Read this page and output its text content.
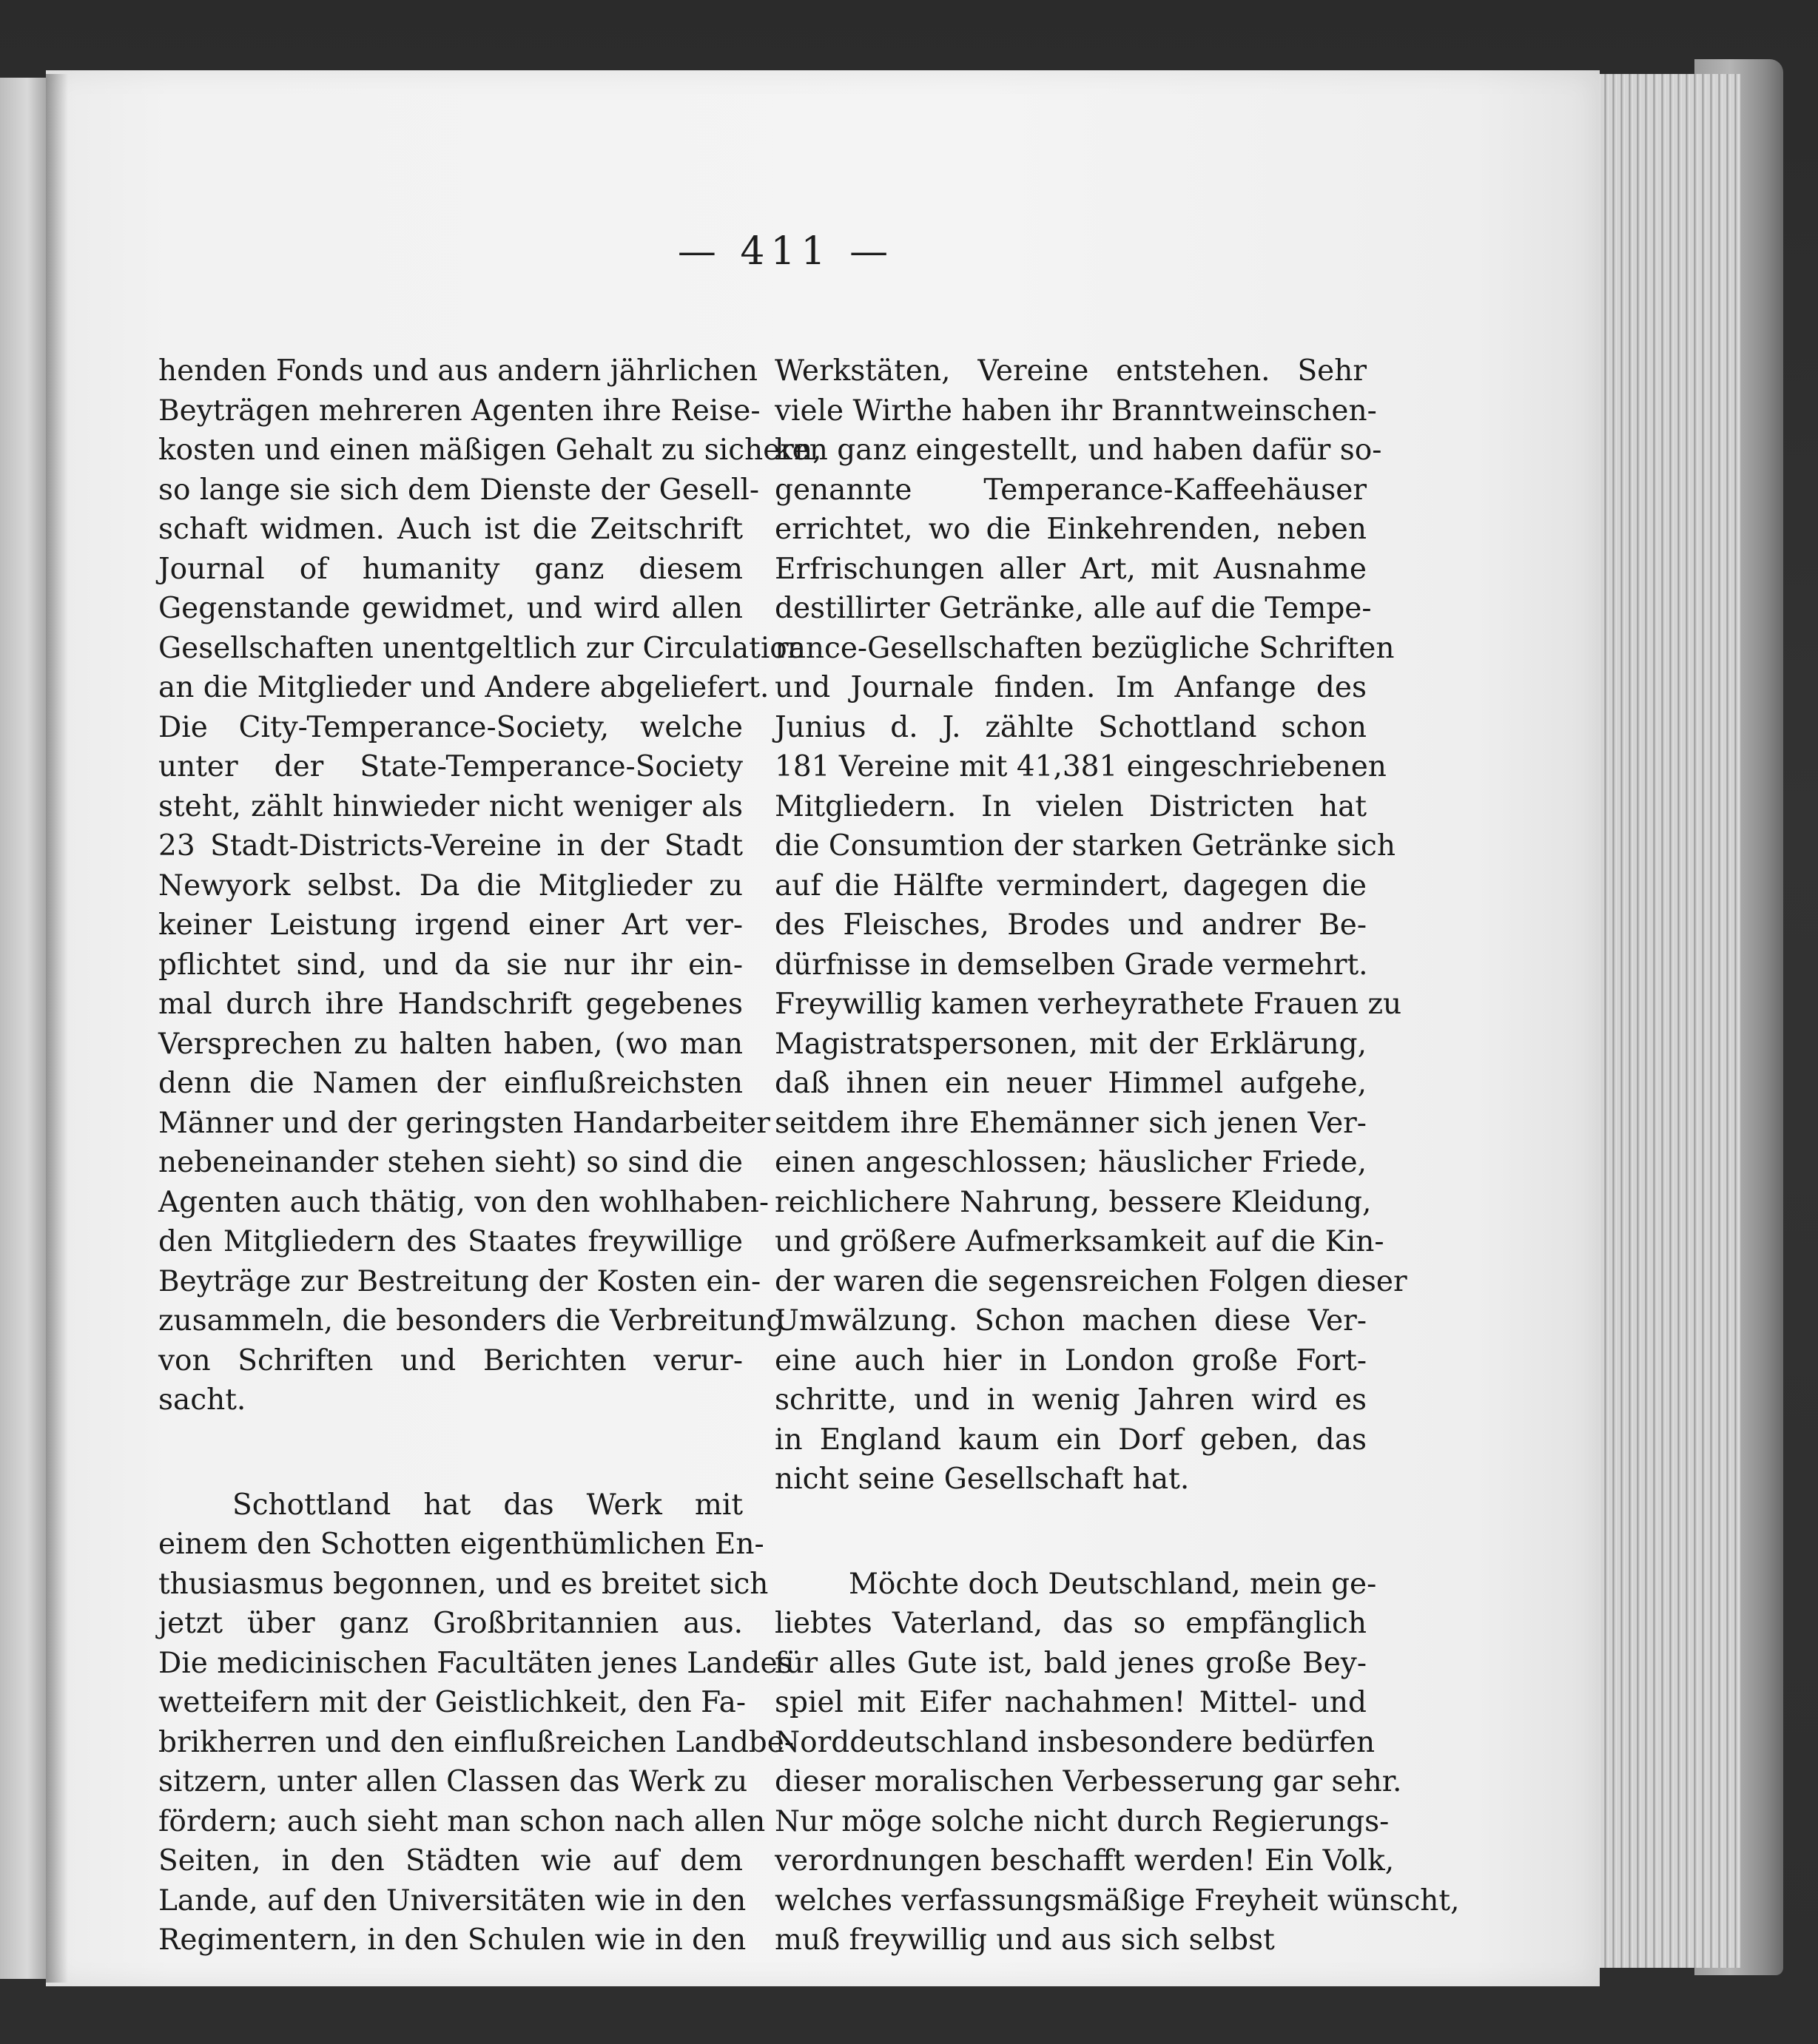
— 411 —
henden Fonds und aus andern jährlichen
Beyträgen mehreren Agenten ihre Reise-
kosten und einen mäßigen Gehalt zu sichern,
so lange sie sich dem Dienste der Gesell-
schaft widmen. Auch ist die Zeitschrift
Journal of humanity ganz diesem
Gegenstande gewidmet, und wird allen
Gesellschaften unentgeltlich zur Circulation
an die Mitglieder und Andere abgeliefert.
Die City-Temperance-Society, welche
unter der State-Temperance-Society
steht, zählt hinwieder nicht weniger als
23 Stadt-Districts-Vereine in der Stadt
Newyork selbst. Da die Mitglieder zu
keiner Leistung irgend einer Art ver-
pflichtet sind, und da sie nur ihr ein-
mal durch ihre Handschrift gegebenes
Versprechen zu halten haben, (wo man
denn die Namen der einflußreichsten
Männer und der geringsten Handarbeiter
nebeneinander stehen sieht) so sind die
Agenten auch thätig, von den wohlhaben-
den Mitgliedern des Staates freywillige
Beyträge zur Bestreitung der Kosten ein-
zusammeln, die besonders die Verbreitung
von Schriften und Berichten verur-
sacht.
Schottland hat das Werk mit
einem den Schotten eigenthümlichen En-
thusiasmus begonnen, und es breitet sich
jetzt über ganz Großbritannien aus.
Die medicinischen Facultäten jenes Landes
wetteifern mit der Geistlichkeit, den Fa-
brikherren und den einflußreichen Landbe-
sitzern, unter allen Classen das Werk zu
fördern; auch sieht man schon nach allen
Seiten, in den Städten wie auf dem
Lande, auf den Universitäten wie in den
Regimentern, in den Schulen wie in den
Werkstäten, Vereine entstehen. Sehr
viele Wirthe haben ihr Branntweinschen-
ken ganz eingestellt, und haben dafür so-
genannte Temperance-Kaffeehäuser
errichtet, wo die Einkehrenden, neben
Erfrischungen aller Art, mit Ausnahme
destillirter Getränke, alle auf die Tempe-
rance-Gesellschaften bezügliche Schriften
und Journale finden. Im Anfange des
Junius d. J. zählte Schottland schon
181 Vereine mit 41,381 eingeschriebenen
Mitgliedern. In vielen Districten hat
die Consumtion der starken Getränke sich
auf die Hälfte vermindert, dagegen die
des Fleisches, Brodes und andrer Be-
dürfnisse in demselben Grade vermehrt.
Freywillig kamen verheyrathete Frauen zu
Magistratspersonen, mit der Erklärung,
daß ihnen ein neuer Himmel aufgehe,
seitdem ihre Ehemänner sich jenen Ver-
einen angeschlossen; häuslicher Friede,
reichlichere Nahrung, bessere Kleidung,
und größere Aufmerksamkeit auf die Kin-
der waren die segensreichen Folgen dieser
Umwälzung. Schon machen diese Ver-
eine auch hier in London große Fort-
schritte, und in wenig Jahren wird es
in England kaum ein Dorf geben, das
nicht seine Gesellschaft hat.
Möchte doch Deutschland, mein ge-
liebtes Vaterland, das so empfänglich
für alles Gute ist, bald jenes große Bey-
spiel mit Eifer nachahmen! Mittel- und
Norddeutschland insbesondere bedürfen
dieser moralischen Verbesserung gar sehr.
Nur möge solche nicht durch Regierungs-
verordnungen beschafft werden! Ein Volk,
welches verfassungsmäßige Freyheit wünscht,
muß freywillig und aus sich selbst
